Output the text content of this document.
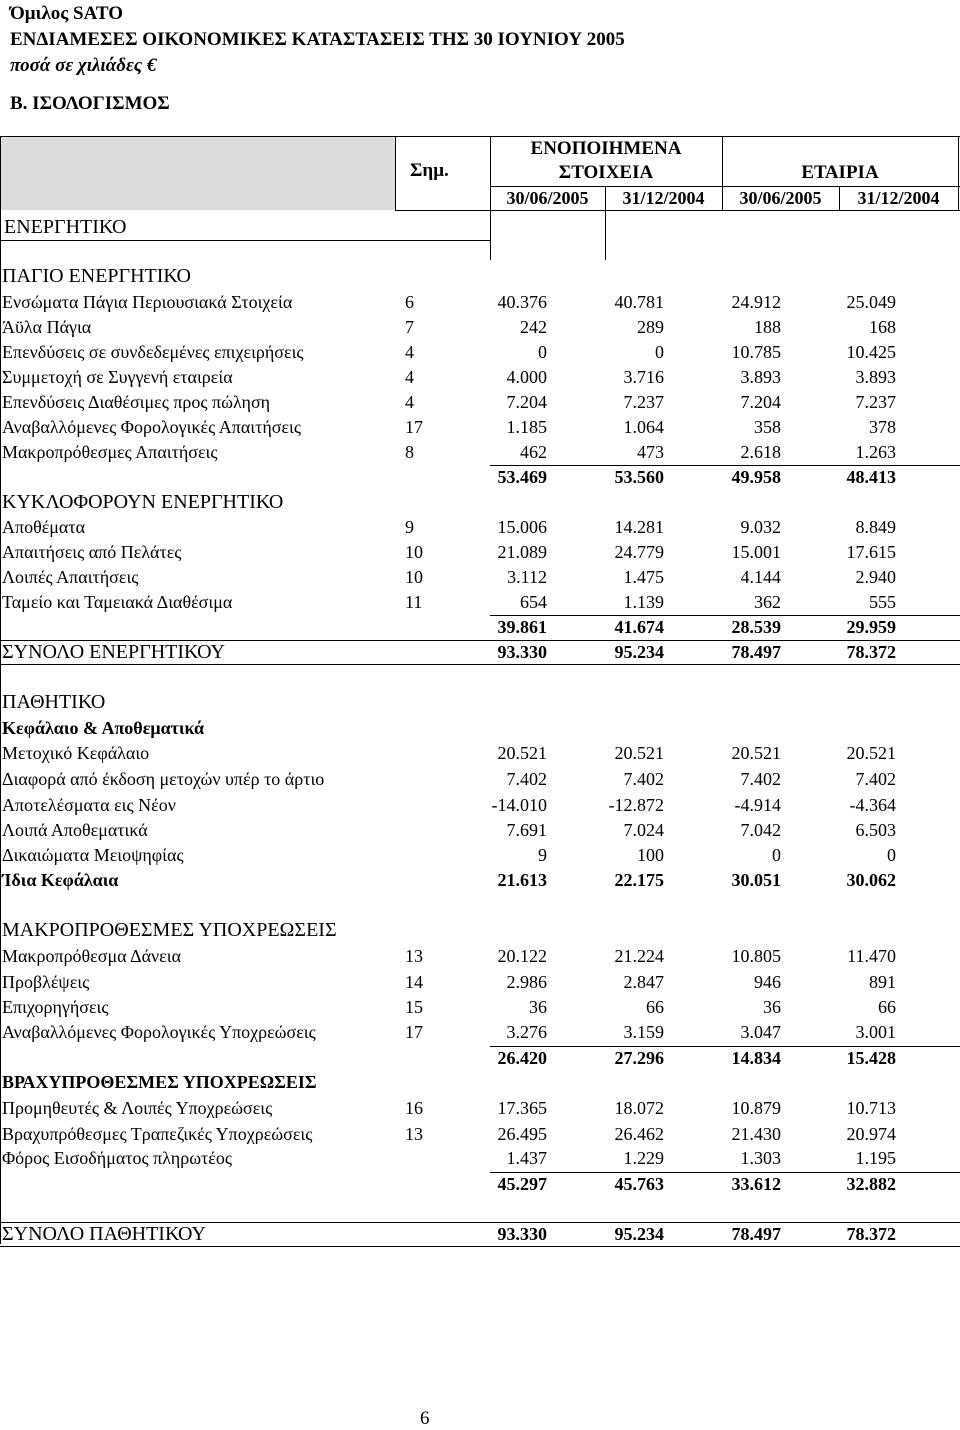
Όμιλος SATO
ΕΝΔΙΑΜΕΣΕΣ ΟΙΚΟΝΟΜΙΚΕΣ ΚΑΤΑΣΤΑΣΕΙΣ ΤΗΣ 30 ΙΟΥΝΙΟΥ 2005
ποσά σε χιλιάδες €
Β. ΙΣΟΛΟΓΙΣΜΟΣ
Σημ.
ΕΝΟΠΟΙΗΜΕΝΑ
ΣΤΟΙΧΕΙΑ	ΕΤΑΙΡΙΑ
30/06/2005	31/12/2004	30/06/2005	31/12/2004
ΕΝΕΡΓΗΤΙΚΟ
ΠΑΓΙΟ ΕΝΕΡΓΗΤΙΚΟ
Ενσώματα Πάγια Περιουσιακά Στοιχεία	6	40.376	40.781	24.912	25.049
Άϋλα Πάγια	7	242	289	188	168
Επενδύσεις σε συνδεδεμένες επιχειρήσεις	4	0	0	10.785	10.425
Συμμετοχή σε Συγγενή εταιρεία	4	4.000	3.716	3.893	3.893
Επενδύσεις Διαθέσιμες προς πώληση	4	7.204	7.237	7.204	7.237
Αναβαλλόμενες Φορολογικές Απαιτήσεις	17	1.185	1.064	358	378
Μακροπρόθεσμες Απαιτήσεις	8	462	473	2.618	1.263
53.469	53.560	49.958	48.413
ΚΥΚΛΟΦΟΡΟΥΝ ΕΝΕΡΓΗΤΙΚΟ
Αποθέματα	9	15.006	14.281	9.032	8.849
Απαιτήσεις από Πελάτες	10	21.089	24.779	15.001	17.615
Λοιπές Απαιτήσεις	10	3.112	1.475	4.144	2.940
Ταμείο και Ταμειακά Διαθέσιμα	11	654	1.139	362	555
39.861	41.674	28.539	29.959
ΣΥΝΟΛΟ ΕΝΕΡΓΗΤΙΚΟΥ	93.330	95.234	78.497	78.372
ΠΑΘΗΤΙΚΟ
Κεφάλαιο & Αποθεματικά
Μετοχικό Κεφάλαιο	20.521	20.521	20.521	20.521
Διαφορά από έκδοση μετοχών υπέρ το άρτιο	7.402	7.402	7.402	7.402
Αποτελέσματα εις Νέον	-14.010	-12.872	-4.914	-4.364
Λοιπά Αποθεματικά	7.691	7.024	7.042	6.503
Δικαιώματα Μειοψηφίας	9	100	0	0
Ίδια Κεφάλαια	21.613	22.175	30.051	30.062
ΜΑΚΡΟΠΡΟΘΕΣΜΕΣ ΥΠΟΧΡΕΩΣΕΙΣ
Μακροπρόθεσμα Δάνεια	13	20.122	21.224	10.805	11.470
Προβλέψεις	14	2.986	2.847	946	891
Επιχορηγήσεις	15	36	66	36	66
Αναβαλλόμενες Φορολογικές Υποχρεώσεις	17	3.276	3.159	3.047	3.001
26.420	27.296	14.834	15.428
ΒΡΑΧΥΠΡΟΘΕΣΜΕΣ ΥΠΟΧΡΕΩΣΕΙΣ
Προμηθευτές & Λοιπές Υποχρεώσεις	16	17.365	18.072	10.879	10.713
Βραχυπρόθεσμες Τραπεζικές Υποχρεώσεις	13	26.495	26.462	21.430	20.974
Φόρος Εισοδήματος πληρωτέος	1.437	1.229	1.303	1.195
45.297	45.763	33.612	32.882
ΣΥΝΟΛΟ ΠΑΘΗΤΙΚΟΥ	93.330	95.234	78.497	78.372
6
